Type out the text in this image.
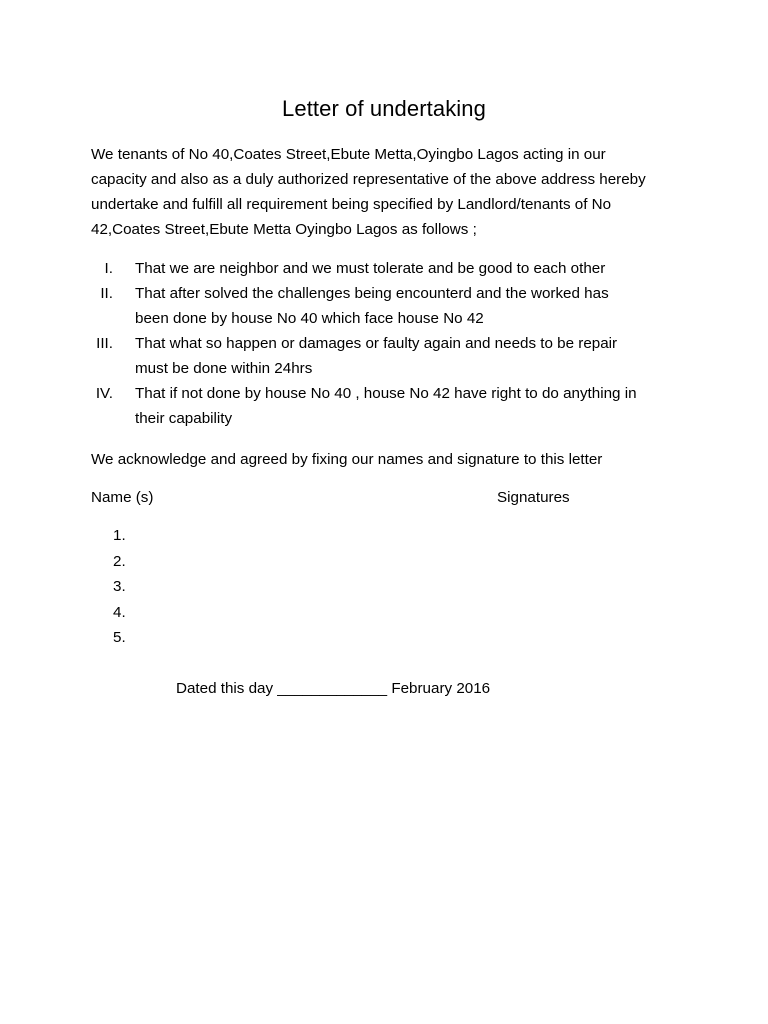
Letter of undertaking

We tenants of No 40,Coates Street,Ebute Metta,Oyingbo Lagos acting in our

capacity and also as a duly authorized representative of the above address hereby

undertake and fulfill all requirement being specified by Landlord/tenants of No

42,Coates Street,Ebute Metta Oyingbo Lagos as follows ;

I.	That we are neighbor and we must tolerate and be good to each other

II.	That after solved the challenges being encounterd and the worked has

been done by house No 40 which face house No 42

III.	That what so happen or damages or faulty again and needs to be repair

must be done within 24hrs

IV.	That if not done by house No 40 , house No 42 have right to do anything in

their capability

We acknowledge and agreed by fixing our names and signature to this letter
Name (s)	Signatures
1.
2.
3.
4.
5.
Dated this day _____________ February 2016
